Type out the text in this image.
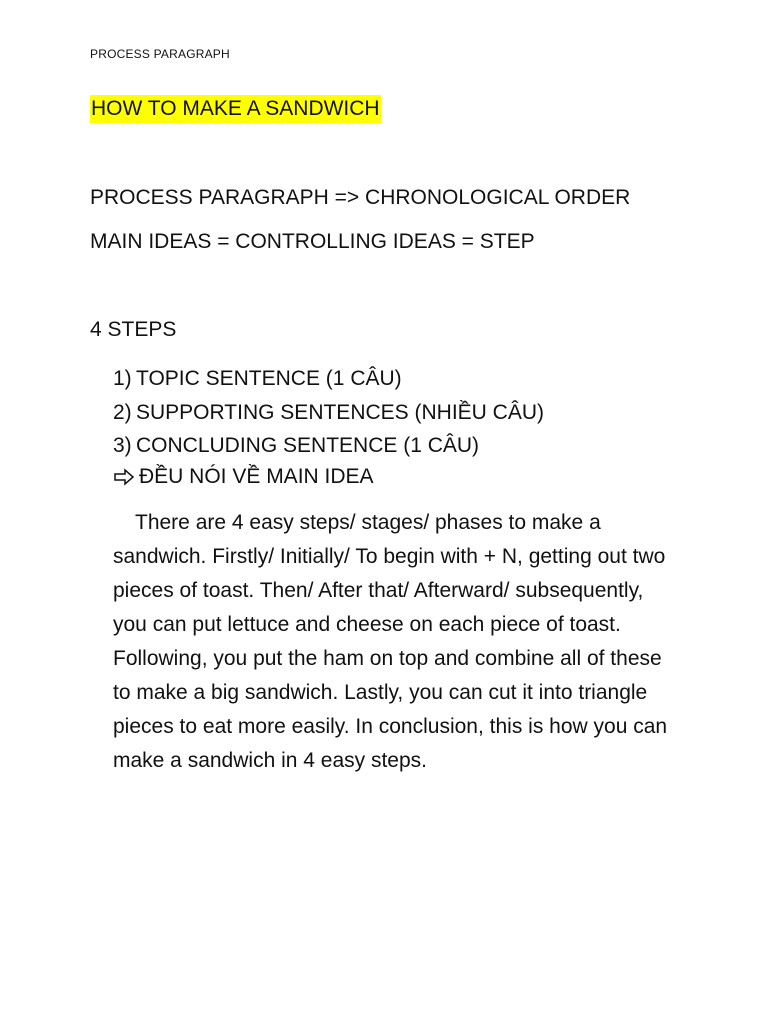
PROCESS PARAGRAPH
HOW TO MAKE A SANDWICH
PROCESS PARAGRAPH => CHRONOLOGICAL ORDER
MAIN IDEAS = CONTROLLING IDEAS = STEP
4 STEPS
1) TOPIC SENTENCE (1 CÂU)
2) SUPPORTING SENTENCES (NHIỀU CÂU)
3) CONCLUDING SENTENCE (1 CÂU)
ĐỀU NÓI VỀ MAIN IDEA

There are 4 easy steps/ stages/ phases to make a sandwich. Firstly/ Initially/ To begin with + N, getting out two pieces of toast. Then/ After that/ Afterward/ subsequently, you can put lettuce and cheese on each piece of toast. Following, you put the ham on top and combine all of these to make a big sandwich. Lastly, you can cut it into triangle pieces to eat more easily. In conclusion, this is how you can make a sandwich in 4 easy steps.
